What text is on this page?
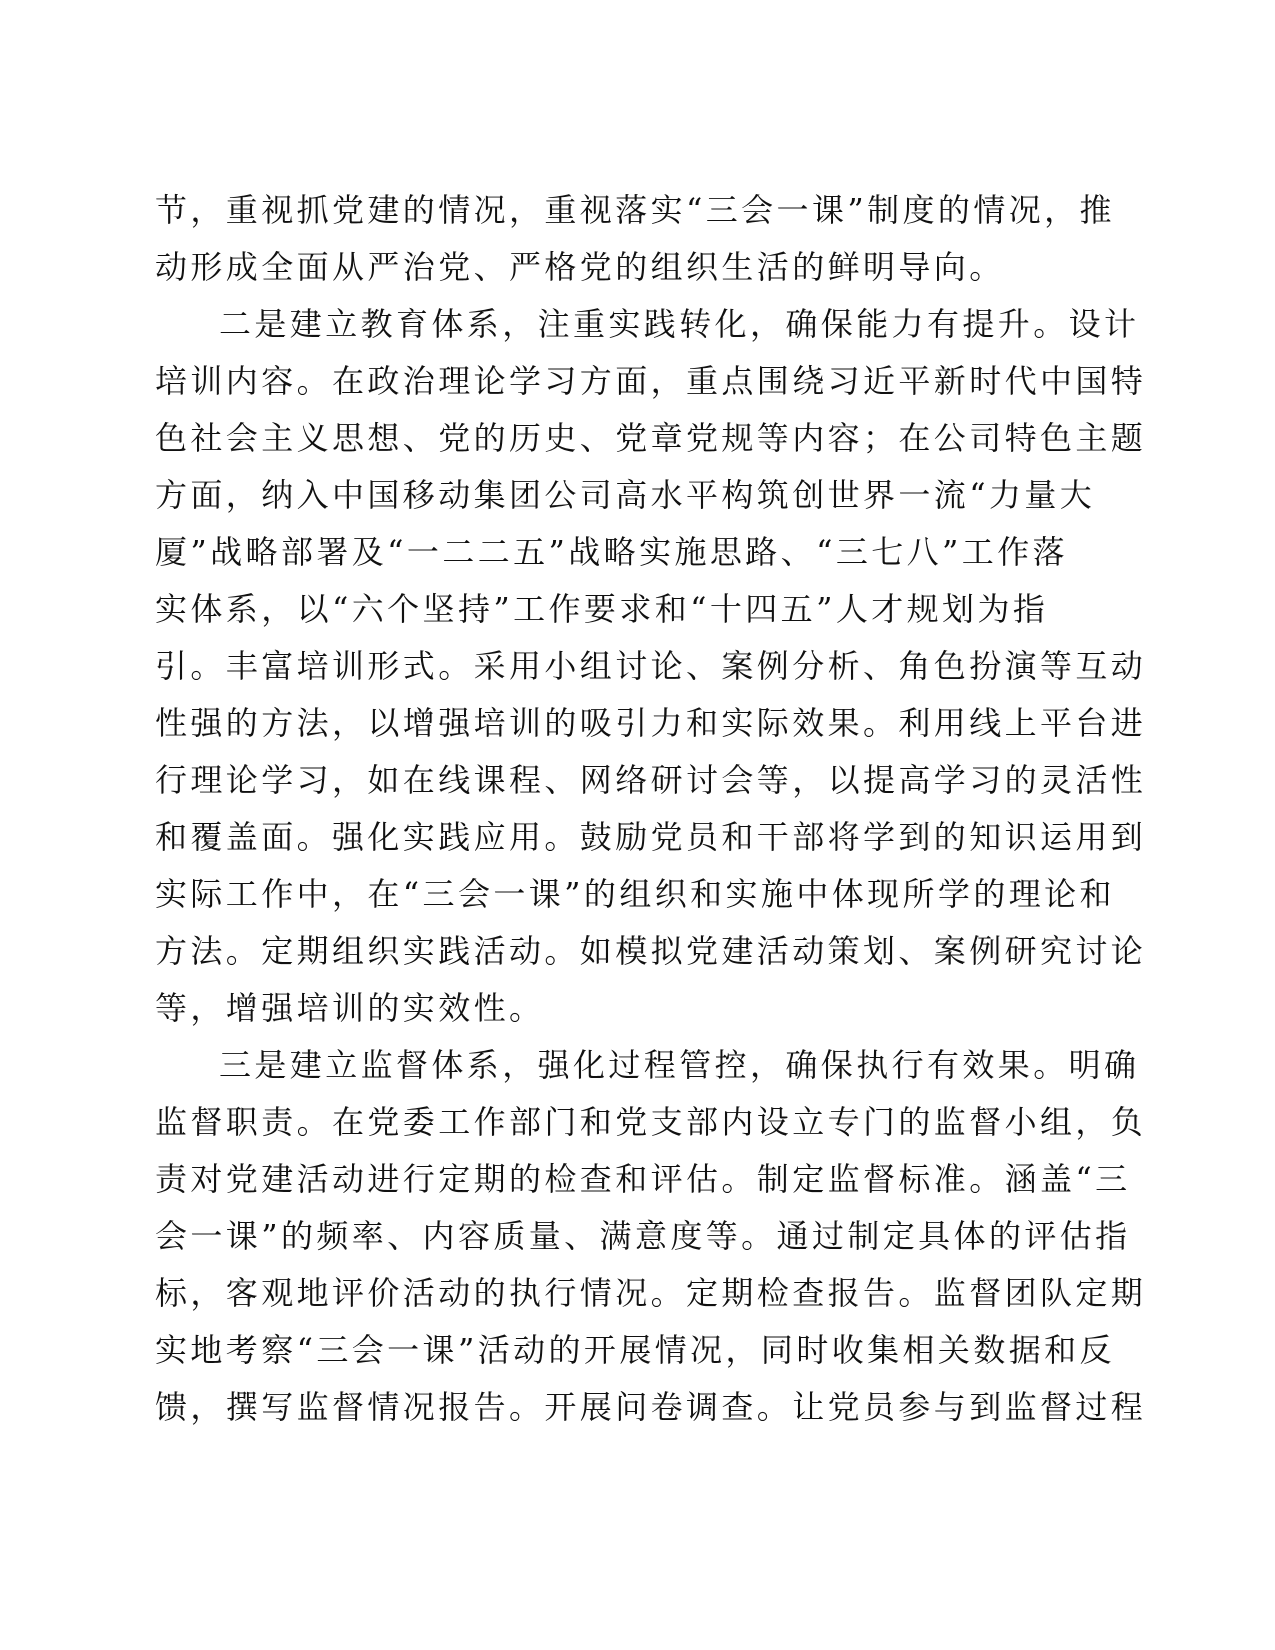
节，重视抓党建的情况，重视落实“三会一课”制度的情况，推
动形成全面从严治党、严格党的组织生活的鲜明导向。
二是建立教育体系，注重实践转化，确保能力有提升。设计
培训内容。在政治理论学习方面，重点围绕习近平新时代中国特
色社会主义思想、党的历史、党章党规等内容；在公司特色主题
方面，纳入中国移动集团公司高水平构筑创世界一流“力量大
厦”战略部署及“一二二五”战略实施思路、“三七八”工作落
实体系，以“六个坚持”工作要求和“十四五”人才规划为指
引。丰富培训形式。采用小组讨论、案例分析、角色扮演等互动
性强的方法，以增强培训的吸引力和实际效果。利用线上平台进
行理论学习，如在线课程、网络研讨会等，以提高学习的灵活性
和覆盖面。强化实践应用。鼓励党员和干部将学到的知识运用到
实际工作中，在“三会一课”的组织和实施中体现所学的理论和
方法。定期组织实践活动。如模拟党建活动策划、案例研究讨论
等，增强培训的实效性。
三是建立监督体系，强化过程管控，确保执行有效果。明确
监督职责。在党委工作部门和党支部内设立专门的监督小组，负
责对党建活动进行定期的检查和评估。制定监督标准。涵盖“三
会一课”的频率、内容质量、满意度等。通过制定具体的评估指
标，客观地评价活动的执行情况。定期检查报告。监督团队定期
实地考察“三会一课”活动的开展情况，同时收集相关数据和反
馈，撰写监督情况报告。开展问卷调查。让党员参与到监督过程
